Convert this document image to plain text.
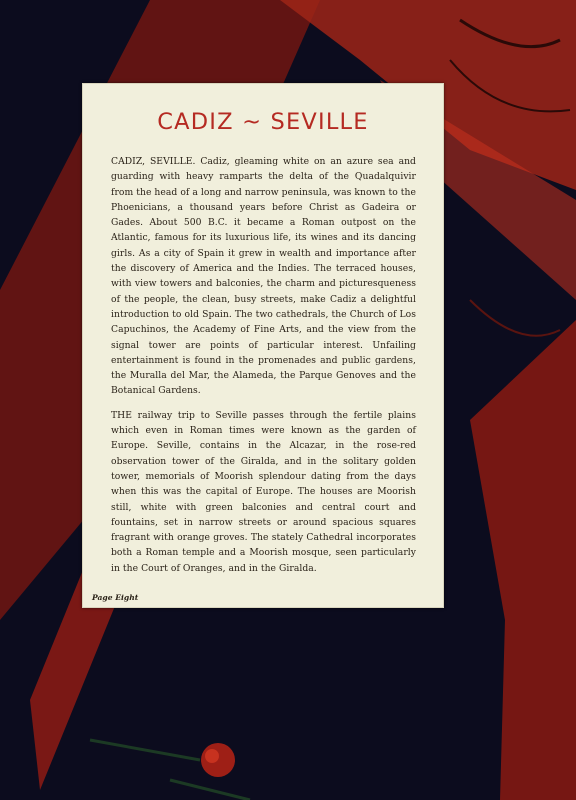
CADIZ ~ SEVILLE

CADIZ, SEVILLE. Cadiz, gleaming white on an azure sea and guarding with heavy ramparts the delta of the Quadalquivir from the head of a long and narrow peninsula, was known to the Phoenicians, a thousand years before Christ as Gadeira or Gades. About 500 B.C. it became a Roman outpost on the Atlantic, famous for its luxurious life, its wines and its dancing girls. As a city of Spain it grew in wealth and importance after the discovery of America and the Indies. The terraced houses, with view towers and balconies, the charm and picturesqueness of the people, the clean, busy streets, make Cadiz a delightful introduction to old Spain. The two cathedrals, the Church of Los Capuchinos, the Academy of Fine Arts, and the view from the signal tower are points of particular interest. Unfailing entertainment is found in the promenades and public gardens, the Muralla del Mar, the Alameda, the Parque Genoves and the Botanical Gardens.

THE railway trip to Seville passes through the fertile plains which even in Roman times were known as the garden of Europe. Seville, contains in the Alcazar, in the rose-red observation tower of the Giralda, and in the solitary golden tower, memorials of Moorish splendour dating from the days when this was the capital of Europe. The houses are Moorish still, white with green balconies and central court and fountains, set in narrow streets or around spacious squares fragrant with orange groves. The stately Cathedral incorporates both a Roman temple and a Moorish mosque, seen particularly in the Court of Oranges, and in the Giralda.

Page Eight
